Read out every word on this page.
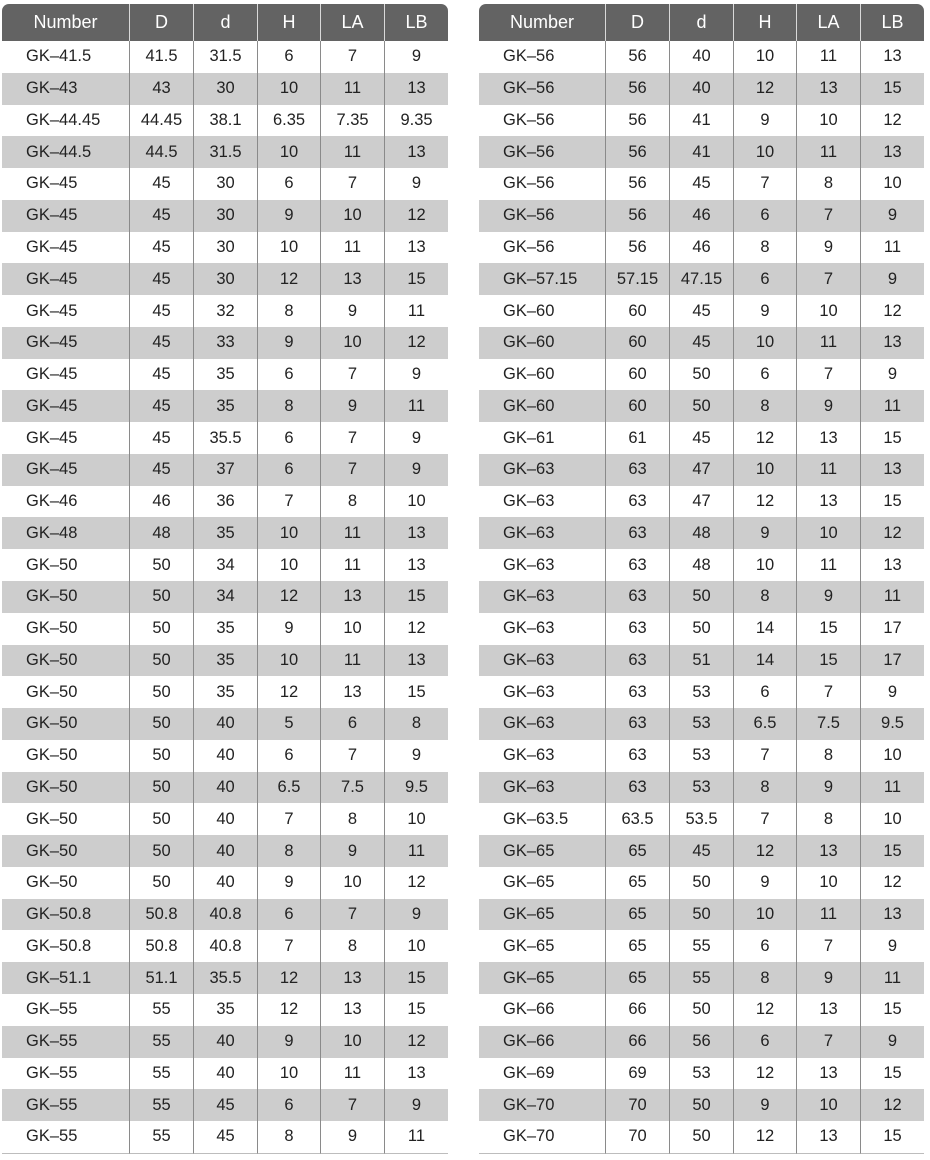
Number	D	d	H	LA	LB
GK–41.5	41.5	31.5	6	7	9
GK–43	43	30	10	11	13
GK–44.45	44.45	38.1	6.35	7.35	9.35
GK–44.5	44.5	31.5	10	11	13
GK–45	45	30	6	7	9
GK–45	45	30	9	10	12
GK–45	45	30	10	11	13
GK–45	45	30	12	13	15
GK–45	45	32	8	9	11
GK–45	45	33	9	10	12
GK–45	45	35	6	7	9
GK–45	45	35	8	9	11
GK–45	45	35.5	6	7	9
GK–45	45	37	6	7	9
GK–46	46	36	7	8	10
GK–48	48	35	10	11	13
GK–50	50	34	10	11	13
GK–50	50	34	12	13	15
GK–50	50	35	9	10	12
GK–50	50	35	10	11	13
GK–50	50	35	12	13	15
GK–50	50	40	5	6	8
GK–50	50	40	6	7	9
GK–50	50	40	6.5	7.5	9.5
GK–50	50	40	7	8	10
GK–50	50	40	8	9	11
GK–50	50	40	9	10	12
GK–50.8	50.8	40.8	6	7	9
GK–50.8	50.8	40.8	7	8	10
GK–51.1	51.1	35.5	12	13	15
GK–55	55	35	12	13	15
GK–55	55	40	9	10	12
GK–55	55	40	10	11	13
GK–55	55	45	6	7	9
GK–55	55	45	8	9	11
Number	D	d	H	LA	LB
GK–56	56	40	10	11	13
GK–56	56	40	12	13	15
GK–56	56	41	9	10	12
GK–56	56	41	10	11	13
GK–56	56	45	7	8	10
GK–56	56	46	6	7	9
GK–56	56	46	8	9	11
GK–57.15	57.15	47.15	6	7	9
GK–60	60	45	9	10	12
GK–60	60	45	10	11	13
GK–60	60	50	6	7	9
GK–60	60	50	8	9	11
GK–61	61	45	12	13	15
GK–63	63	47	10	11	13
GK–63	63	47	12	13	15
GK–63	63	48	9	10	12
GK–63	63	48	10	11	13
GK–63	63	50	8	9	11
GK–63	63	50	14	15	17
GK–63	63	51	14	15	17
GK–63	63	53	6	7	9
GK–63	63	53	6.5	7.5	9.5
GK–63	63	53	7	8	10
GK–63	63	53	8	9	11
GK–63.5	63.5	53.5	7	8	10
GK–65	65	45	12	13	15
GK–65	65	50	9	10	12
GK–65	65	50	10	11	13
GK–65	65	55	6	7	9
GK–65	65	55	8	9	11
GK–66	66	50	12	13	15
GK–66	66	56	6	7	9
GK–69	69	53	12	13	15
GK–70	70	50	9	10	12
GK–70	70	50	12	13	15
